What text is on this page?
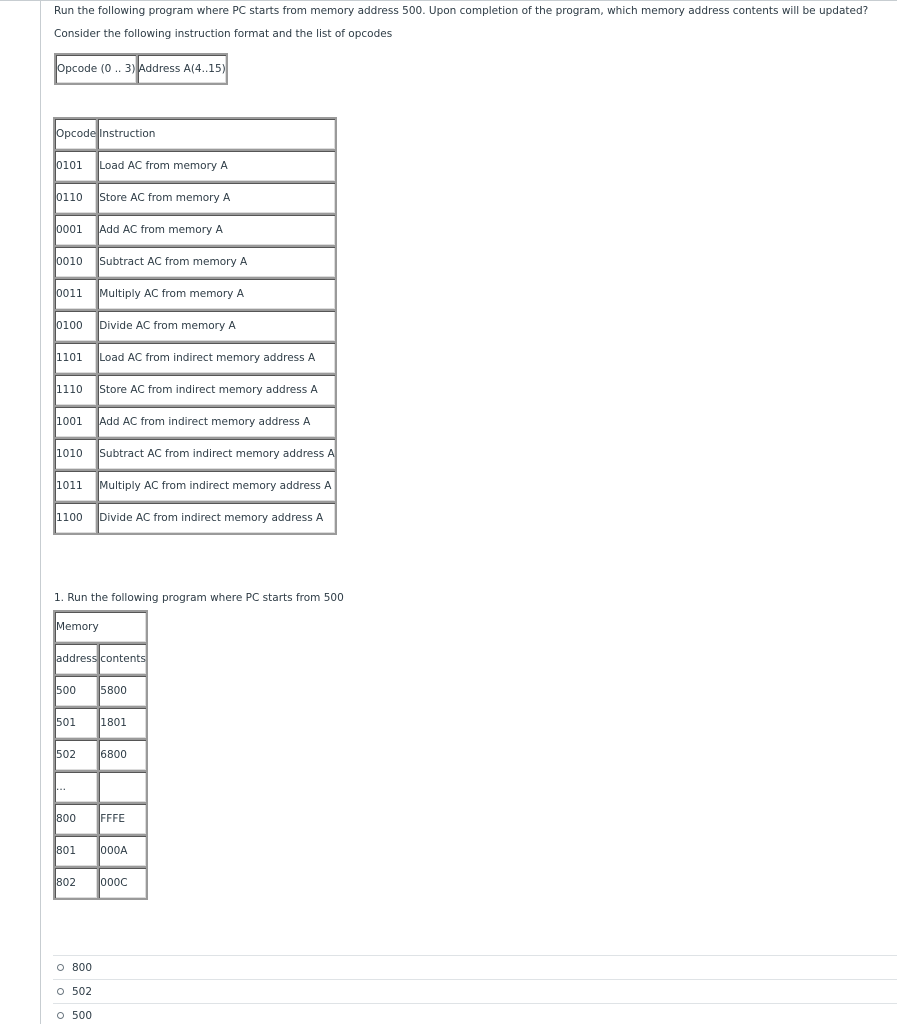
Run the following program where PC starts from memory address 500. Upon completion of the program, which memory address contents will be updated?
Consider the following instruction format and the list of opcodes
Opcode (0 .. 3)	Address A(4..15)
Opcode	Instruction
0101	Load AC from memory A
0110	Store AC from memory A
0001	Add AC from memory A
0010	Subtract AC from memory A
0011	Multiply AC from memory A
0100	Divide AC from memory A
1101	Load AC from indirect memory address A
1110	Store AC from indirect memory address A
1001	Add AC from indirect memory address A
1010	Subtract AC from indirect memory address A
1011	Multiply AC from indirect memory address A
1100	Divide AC from indirect memory address A
1. Run the following program where PC starts from 500
Memory	
address	contents
500	5800
501	1801
502	6800
...	
800	FFFE
801	000A
802	000C
800
502
500
